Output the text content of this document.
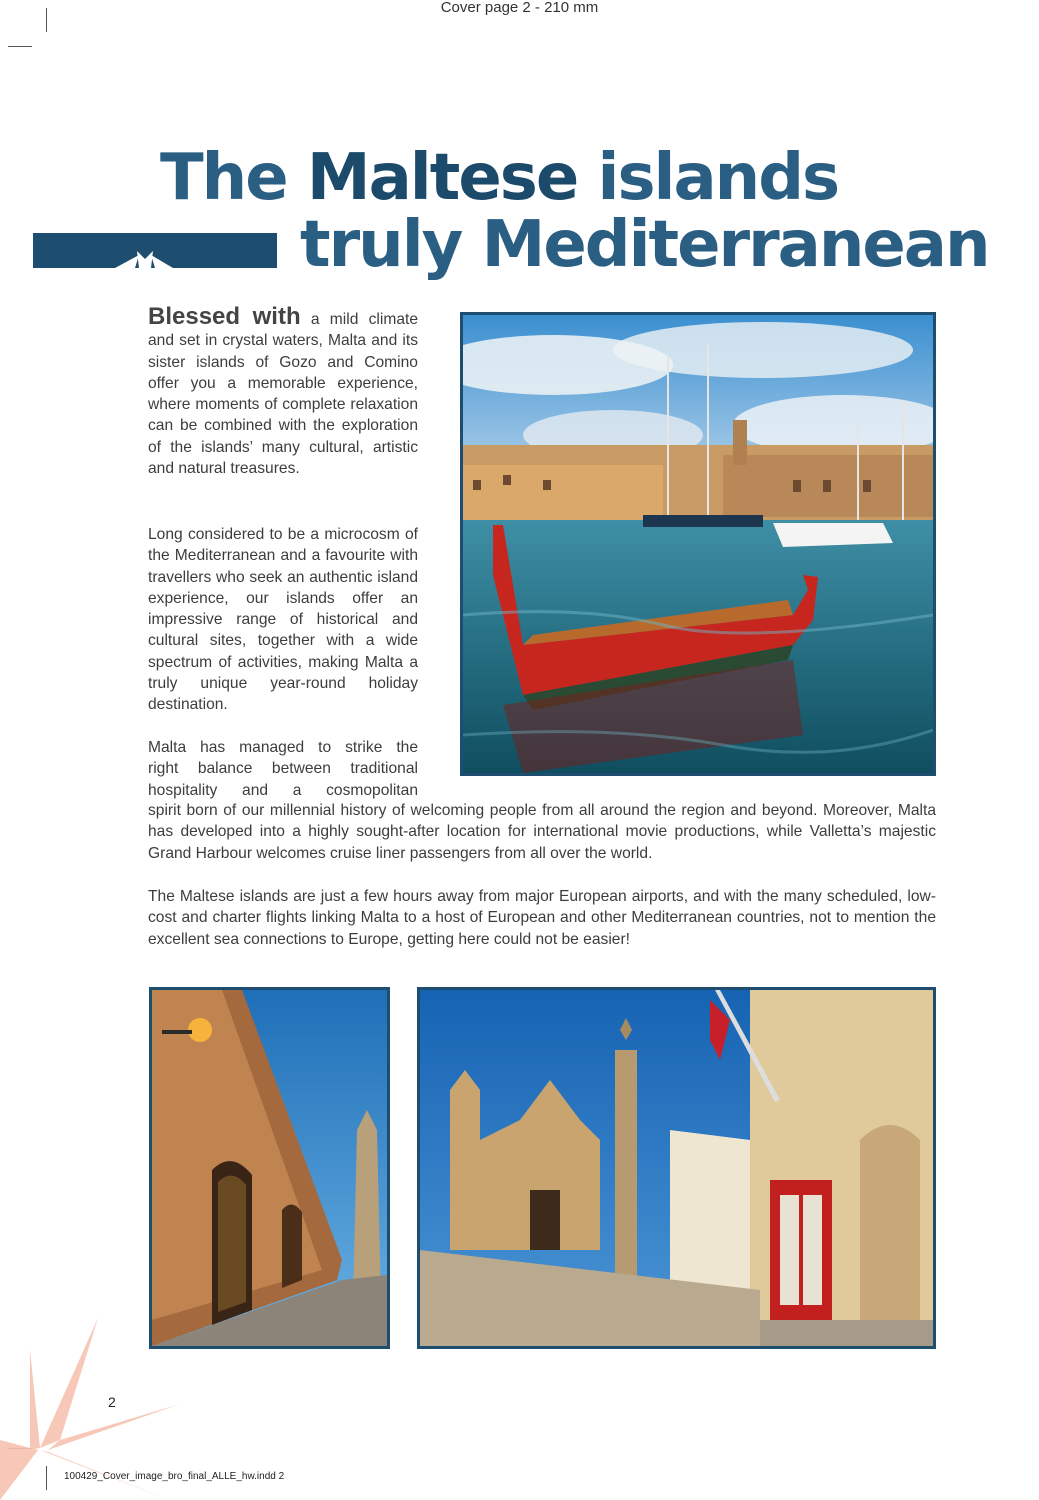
Cover page 2 - 210 mm
The Maltese islands
truly Mediterranean

Blessed with a mild climate and set in crystal waters, Malta and its sister islands of Gozo and Comino offer you a memorable experience, where moments of complete relaxation can be combined with the exploration of the islands’ many cultural, artistic and natural treasures.

Long considered to be a microcosm of the Mediterranean and a favourite with travellers who seek an authentic island experience, our islands offer an impressive range of historical and cultural sites, together with a wide spectrum of activities, making Malta a truly unique year-round holiday destination.

Malta has managed to strike the
right balance between traditional
hospitality and a cosmopolitan

spirit born of our millennial history of welcoming people from all around the region and beyond. Moreover, Malta has developed into a highly sought-after location for international movie productions, while Valletta’s majestic Grand Harbour welcomes cruise liner passengers from all over the world.

The Maltese islands are just a few hours away from major European airports, and with the many scheduled, low-cost and charter flights linking Malta to a host of European and other Mediterranean countries, not to mention the excellent sea connections to Europe, getting here could not be easier!

2
100429_Cover_image_bro_final_ALLE_hw.indd 2
